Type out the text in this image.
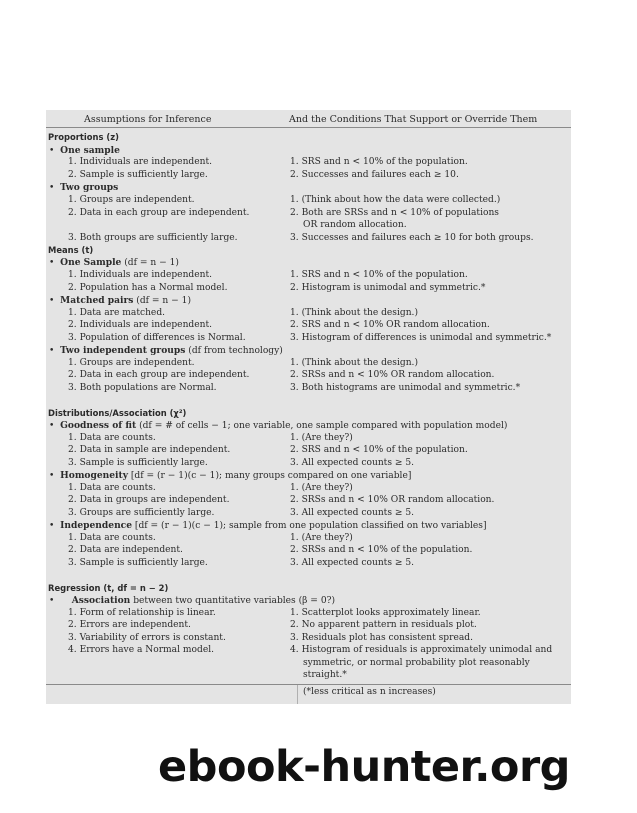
Assumptions for Inference	And the Conditions That Support or Override Them
Proportions (z)
•  One sample
1. Individuals are independent.	1. SRS and n < 10% of the population.
2. Sample is sufficiently large.	2. Successes and failures each ≥ 10.
•  Two groups
1. Groups are independent.	1. (Think about how the data were collected.)
2. Data in each group are independent.	2. Both are SRSs and n < 10% of populations
OR random allocation.
3. Both groups are sufficiently large.	3. Successes and failures each ≥ 10 for both groups.
Means (t)
•  One Sample (df = n − 1)
1. Individuals are independent.	1. SRS and n < 10% of the population.
2. Population has a Normal model.	2. Histogram is unimodal and symmetric.*
•  Matched pairs (df = n − 1)
1. Data are matched.	1. (Think about the design.)
2. Individuals are independent.	2. SRS and n < 10% OR random allocation.
3. Population of differences is Normal.	3. Histogram of differences is unimodal and symmetric.*
•  Two independent groups (df from technology)
1. Groups are independent.	1. (Think about the design.)
2. Data in each group are independent.	2. SRSs and n < 10% OR random allocation.
3. Both populations are Normal.	3. Both histograms are unimodal and symmetric.*
Distributions/Association (χ²)
•  Goodness of fit (df = # of cells − 1; one variable, one sample compared with population model)
1. Data are counts.	1. (Are they?)
2. Data in sample are independent.	2. SRS and n < 10% of the population.
3. Sample is sufficiently large.	3. All expected counts ≥ 5.
•  Homogeneity [df = (r − 1)(c − 1); many groups compared on one variable]
1. Data are counts.	1. (Are they?)
2. Data in groups are independent.	2. SRSs and n < 10% OR random allocation.
3. Groups are sufficiently large.	3. All expected counts ≥ 5.
•  Independence [df = (r − 1)(c − 1); sample from one population classified on two variables]
1. Data are counts.	1. (Are they?)
2. Data are independent.	2. SRSs and n < 10% of the population.
3. Sample is sufficiently large.	3. All expected counts ≥ 5.
Regression (t, df = n − 2)
•      Association between two quantitative variables (β = 0?)
1. Form of relationship is linear.	1. Scatterplot looks approximately linear.
2. Errors are independent.	2. No apparent pattern in residuals plot.
3. Variability of errors is constant.	3. Residuals plot has consistent spread.
4. Errors have a Normal model.	4. Histogram of residuals is approximately unimodal and
symmetric, or normal probability plot reasonably
straight.*
(*less critical as n increases)
ebook-hunter.org
